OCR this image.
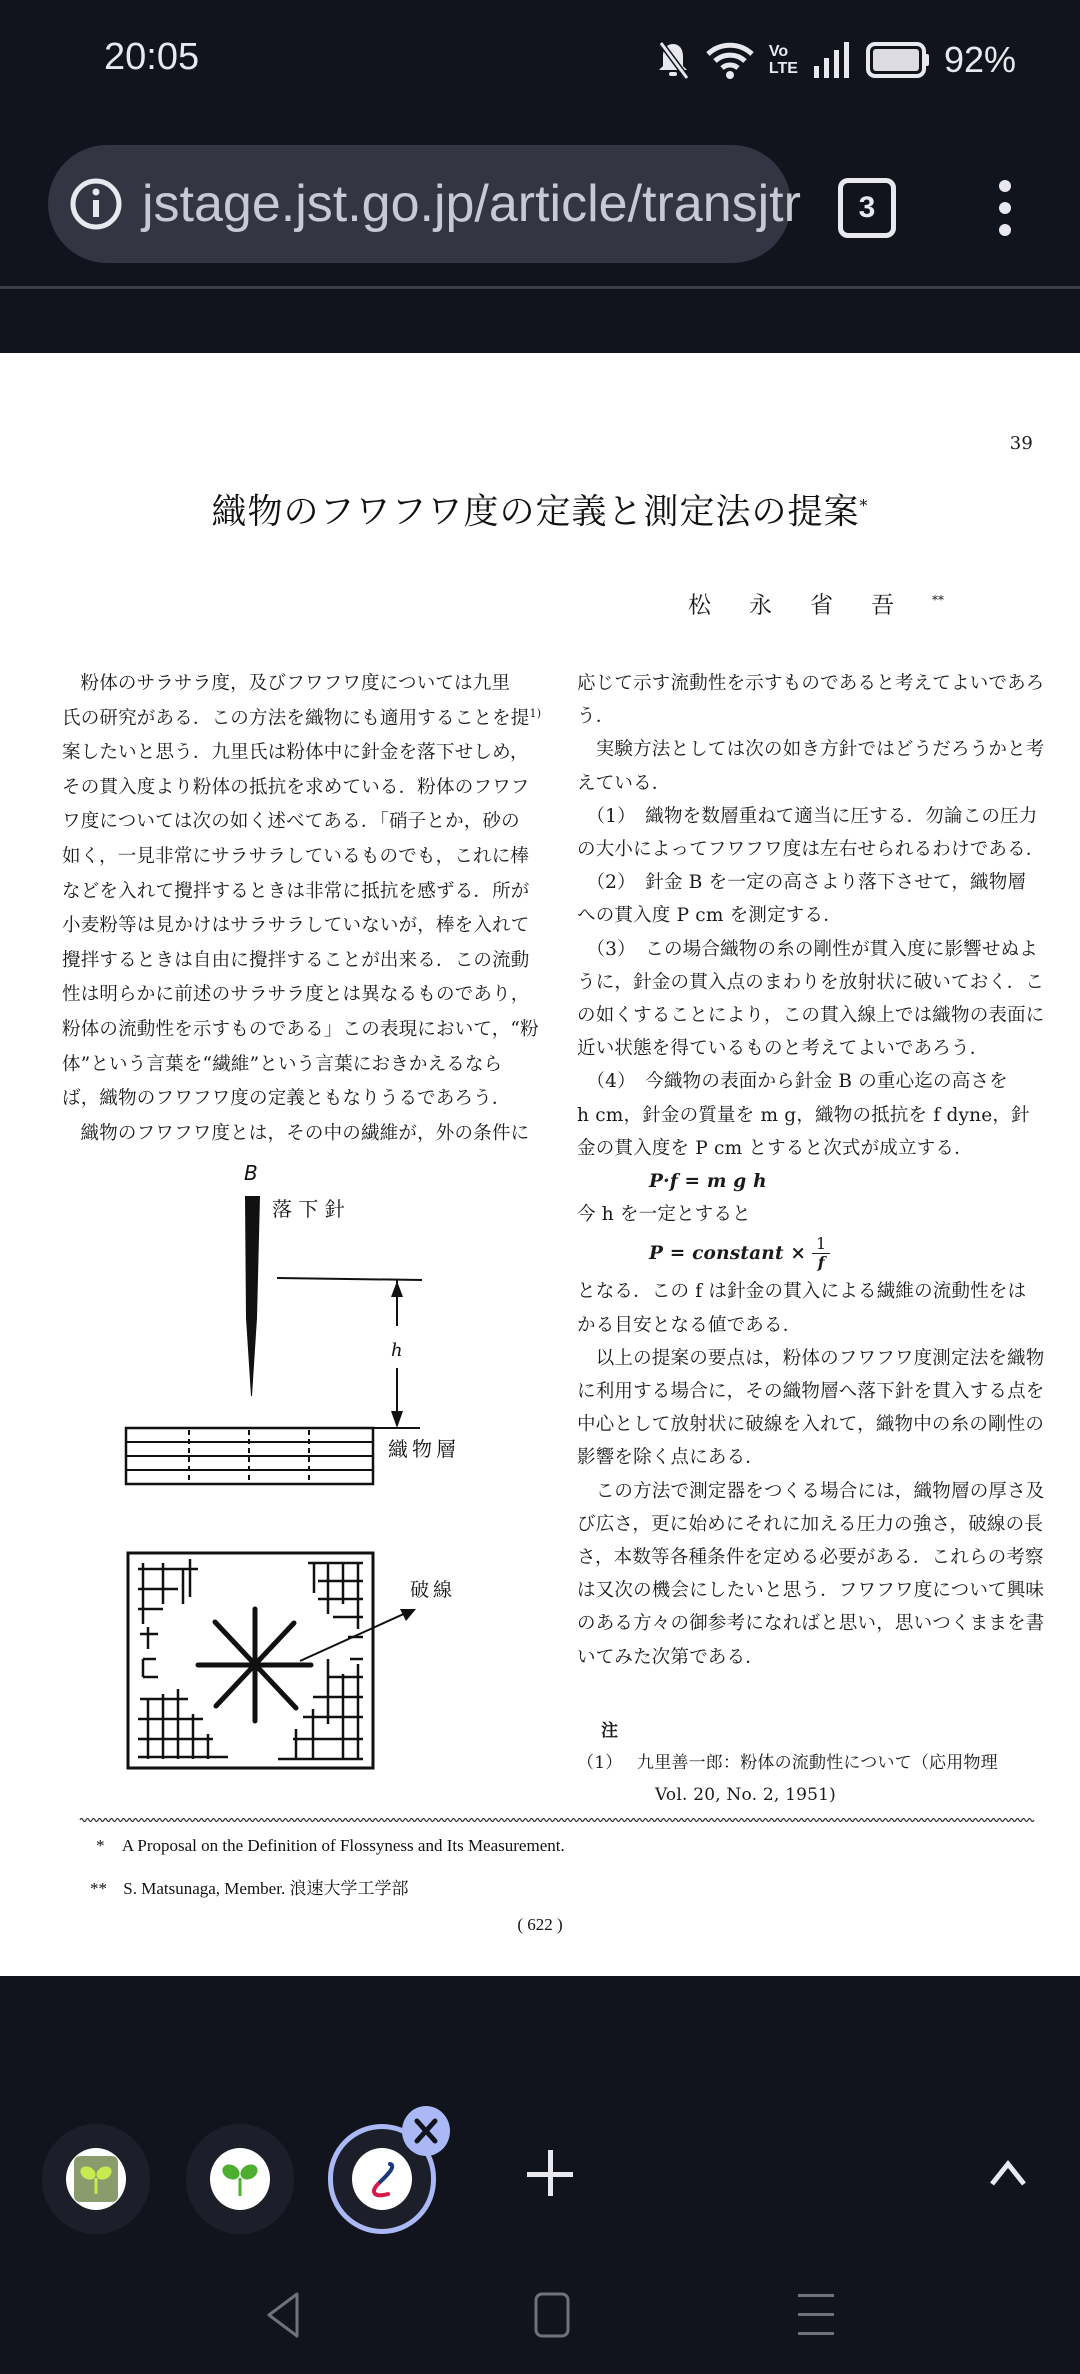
20:05	Vo
LTE	92%
jstage.jst.go.jp/article/transjtr	3
39
織物のフワフワ度の定義と測定法の提案*
松永省吾**
粉体のサラサラ度，及びフワフワ度については九里
氏の研究がある．この方法を織物にも適用することを提$^{1)}$
案したいと思う．九里氏は粉体中に針金を落下せしめ，
その貫入度より粉体の抵抗を求めている．粉体のフワフ
ワ度については次の如く述べてある．「硝子とか，砂の
如く，一見非常にサラサラしているものでも，これに棒
などを入れて攪拌するときは非常に抵抗を感ずる．所が
小麦粉等は見かけはサラサラしていないが，棒を入れて
攪拌するときは自由に攪拌することが出来る．この流動
性は明らかに前述のサラサラ度とは異なるものであり，
粉体の流動性を示すものである」この表現において，“粉
体”という言葉を“繊維”という言葉におきかえるなら
ば，織物のフワフワ度の定義ともなりうるであろう．
織物のフワフワ度とは，その中の繊維が，外の条件に
B
落 下 針
h
織物層
破線
応じて示す流動性を示すものであると考えてよいであろ
う．
　実験方法としては次の如き方針ではどうだろうかと考
えている．
　（1）　織物を数層重ねて適当に圧する．勿論この圧力
の大小によってフワフワ度は左右せられるわけである．
　（2）　針金 B を一定の高さより落下させて，織物層
への貫入度 P cm を測定する．
　（3）　この場合織物の糸の剛性が貫入度に影響せぬよ
うに，針金の貫入点のまわりを放射状に破いておく．こ
の如くすることにより，この貫入線上では織物の表面に
近い状態を得ているものと考えてよいであろう．
　（4）　今織物の表面から針金 B の重心迄の高さを
h cm，針金の質量を m g，織物の抵抗を f dyne，針
金の貫入度を P cm とすると次式が成立する．
P·f = m g h
今 h を一定とすると
P = constant × $\frac{1}{f}$
となる．この f は針金の貫入による繊維の流動性をは
かる目安となる値である．
　以上の提案の要点は，粉体のフワフワ度測定法を織物
に利用する場合に，その織物層へ落下針を貫入する点を
中心として放射状に破線を入れて，織物中の糸の剛性の
影響を除く点にある．
　この方法で測定器をつくる場合には，織物層の厚さ及
び広さ，更に始めにそれに加える圧力の強さ，破線の長
さ，本数等各種条件を定める必要がある．これらの考察
は又次の機会にしたいと思う．フワフワ度について興味
のある方々の御参考になればと思い，思いつくままを書
いてみた次第である．
注
（1） 九里善一郎：粉体の流動性について（応用物理
Vol. 20, No. 2, 1951)
* A Proposal on the Definition of Flossyness and Its Measurement.
** S. Matsunaga, Member. 浪速大学工学部
( 622 )
